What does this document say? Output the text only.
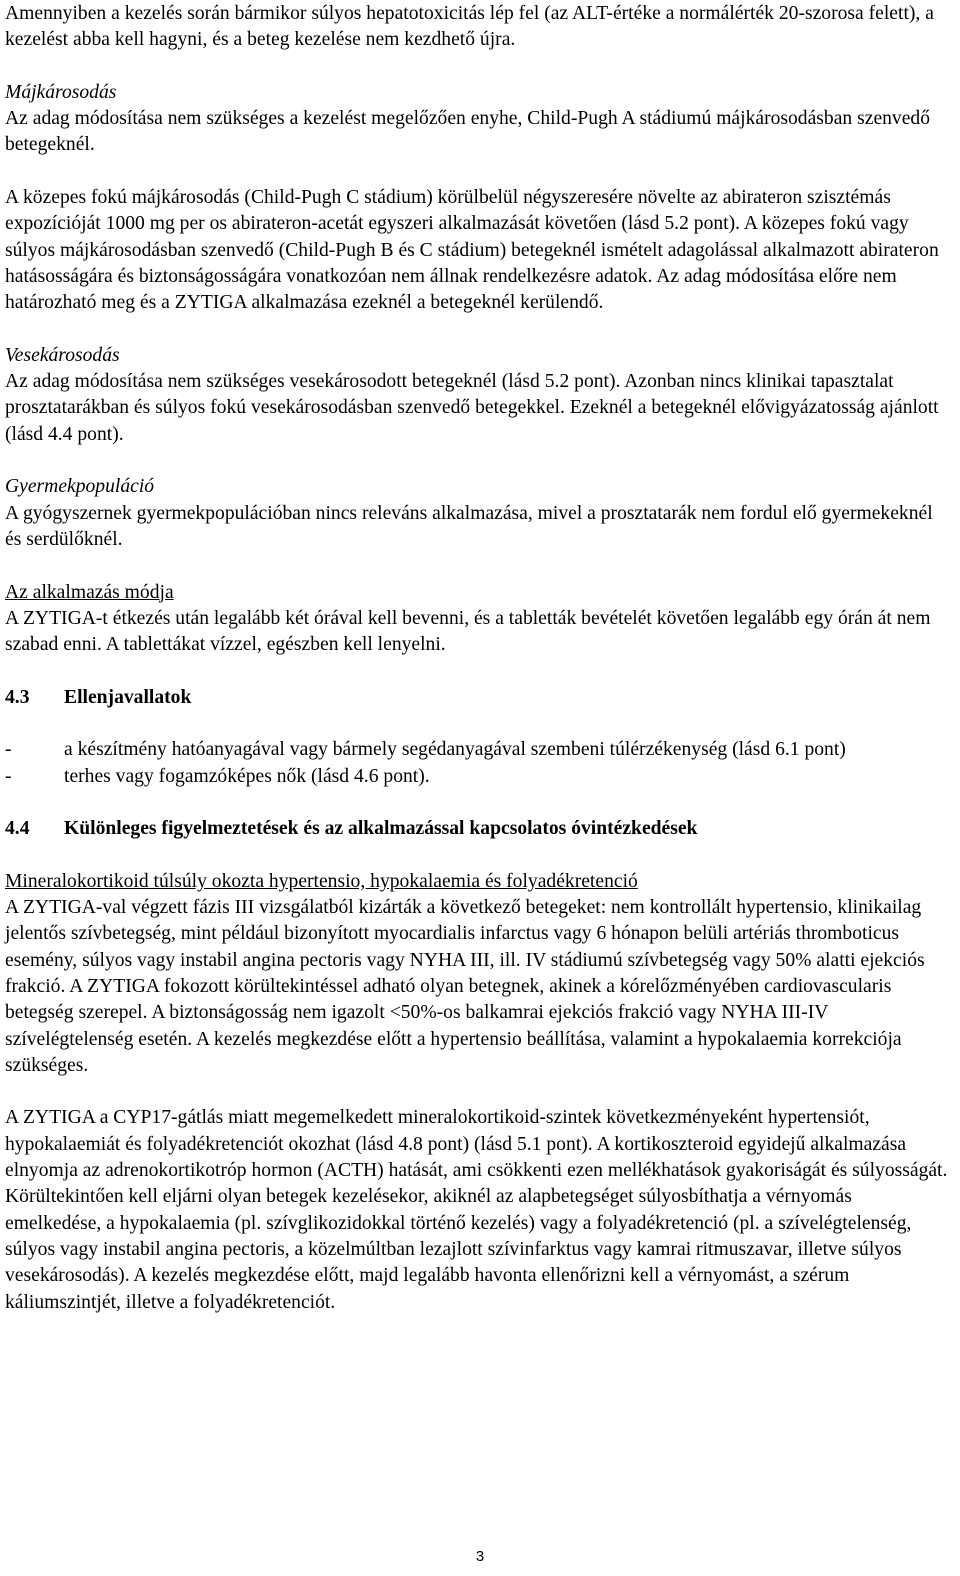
Amennyiben a kezelés során bármikor súlyos hepatotoxicitás lép fel (az ALT-értéke a normálérték 20-szorosa felett), a kezelést abba kell hagyni, és a beteg kezelése nem kezdhető újra.

Májkárosodás

Az adag módosítása nem szükséges a kezelést megelőzően enyhe, Child-Pugh A stádiumú májkárosodásban szenvedő betegeknél.

A közepes fokú májkárosodás (Child-Pugh C stádium) körülbelül négyszeresére növelte az abirateron szisztémás expozícióját 1000 mg per os abirateron-acetát egyszeri alkalmazását követően (lásd 5.2 pont). A közepes fokú vagy súlyos májkárosodásban szenvedő (Child-Pugh B és C stádium) betegeknél ismételt adagolással alkalmazott abirateron hatásosságára és biztonságosságára vonatkozóan nem állnak rendelkezésre adatok. Az adag módosítása előre nem határozható meg és a ZYTIGA alkalmazása ezeknél a betegeknél kerülendő.

Vesekárosodás

Az adag módosítása nem szükséges vesekárosodott betegeknél (lásd 5.2 pont). Azonban nincs klinikai tapasztalat prosztatarákban és súlyos fokú vesekárosodásban szenvedő betegekkel. Ezeknél a betegeknél elővigyázatosság ajánlott (lásd 4.4 pont).

Gyermekpopuláció

A gyógyszernek gyermekpopulációban nincs releváns alkalmazása, mivel a prosztatarák nem fordul elő gyermekeknél és serdülőknél.

Az alkalmazás módja

A ZYTIGA-t étkezés után legalább két órával kell bevenni, és a tabletták bevételét követően legalább egy órán át nem szabad enni. A tablettákat vízzel, egészben kell lenyelni.

4.3	Ellenjavallatok
-	a készítmény hatóanyagával vagy bármely segédanyagával szembeni túlérzékenység (lásd 6.1 pont)
-	terhes vagy fogamzóképes nők (lásd 4.6 pont).
4.4	Különleges figyelmeztetések és az alkalmazással kapcsolatos óvintézkedések

Mineralokortikoid túlsúly okozta hypertensio, hypokalaemia és folyadékretenció

A ZYTIGA-val végzett fázis III vizsgálatból kizárták a következő betegeket: nem kontrollált hypertensio, klinikailag jelentős szívbetegség, mint például bizonyított myocardialis infarctus vagy 6 hónapon belüli artériás thromboticus esemény, súlyos vagy instabil angina pectoris vagy NYHA III, ill. IV stádiumú szívbetegség vagy 50% alatti ejekciós frakció. A ZYTIGA fokozott körültekintéssel adható olyan betegnek, akinek a kórelőzményében cardiovascularis betegség szerepel. A biztonságosság nem igazolt <50%-os balkamrai ejekciós frakció vagy NYHA III-IV szívelégtelenség esetén. A kezelés megkezdése előtt a hypertensio beállítása, valamint a hypokalaemia korrekciója szükséges.

A ZYTIGA a CYP17-gátlás miatt megemelkedett mineralokortikoid-szintek következményeként hypertensiót, hypokalaemiát és folyadékretenciót okozhat (lásd 4.8 pont) (lásd 5.1 pont). A kortikoszteroid egyidejű alkalmazása elnyomja az adrenokortikotróp hormon (ACTH) hatását, ami csökkenti ezen mellékhatások gyakoriságát és súlyosságát. Körültekintően kell eljárni olyan betegek kezelésekor, akiknél az alapbetegséget súlyosbíthatja a vérnyomás emelkedése, a hypokalaemia (pl. szívglikozidokkal történő kezelés) vagy a folyadékretenció (pl. a szívelégtelenség, súlyos vagy instabil angina pectoris, a közelmúltban lezajlott szívinfarktus vagy kamrai ritmuszavar, illetve súlyos vesekárosodás). A kezelés megkezdése előtt, majd legalább havonta ellenőrizni kell a vérnyomást, a szérum káliumszintjét, illetve a folyadékretenciót.

3
